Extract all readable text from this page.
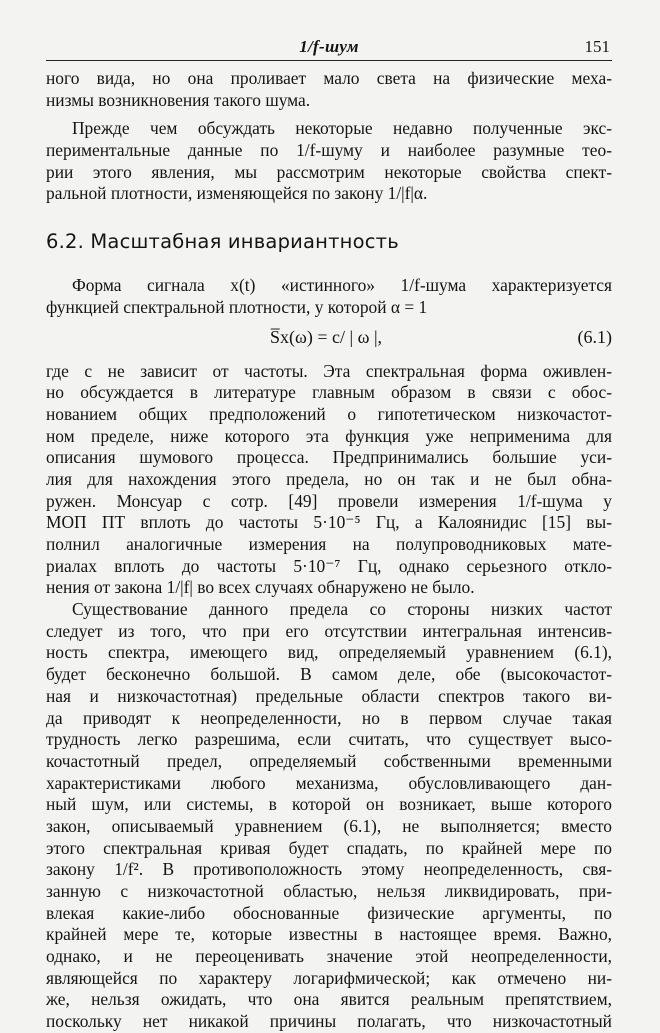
1/f-шум	151
ного вида, но она проливает мало света на физические меха-
низмы возникновения такого шума.
Прежде чем обсуждать некоторые недавно полученные экс-
периментальные данные по 1/f-шуму и наиболее разумные тео-
рии этого явления, мы рассмотрим некоторые свойства спект-
ральной плотности, изменяющейся по закону 1/|f|α.
6.2. Масштабная инвариантность
Форма сигнала x(t) «истинного» 1/f-шума характеризуется
функцией спектральной плотности, у которой α = 1
S̅x(ω) = c/ | ω |,	(6.1)
где c не зависит от частоты. Эта спектральная форма оживлен-
но обсуждается в литературе главным образом в связи с обос-
нованием общих предположений о гипотетическом низкочастот-
ном пределе, ниже которого эта функция уже неприменима для
описания шумового процесса. Предпринимались большие уси-
лия для нахождения этого предела, но он так и не был обна-
ружен. Монсуар с сотр. [49] провели измерения 1/f-шума у
МОП ПТ вплоть до частоты 5·10⁻⁵ Гц, а Калоянидис [15] вы-
полнил аналогичные измерения на полупроводниковых мате-
риалах вплоть до частоты 5·10⁻⁷ Гц, однако серьезного откло-
нения от закона 1/|f| во всех случаях обнаружено не было.
Существование данного предела со стороны низких частот
следует из того, что при его отсутствии интегральная интенсив-
ность спектра, имеющего вид, определяемый уравнением (6.1),
будет бесконечно большой. В самом деле, обе (высокочастот-
ная и низкочастотная) предельные области спектров такого ви-
да приводят к неопределенности, но в первом случае такая
трудность легко разрешима, если считать, что существует высо-
кочастотный предел, определяемый собственными временными
характеристиками любого механизма, обусловливающего дан-
ный шум, или системы, в которой он возникает, выше которого
закон, описываемый уравнением (6.1), не выполняется; вместо
этого спектральная кривая будет спадать, по крайней мере по
закону 1/f². В противоположность этому неопределенность, свя-
занную с низкочастотной областью, нельзя ликвидировать, при-
влекая какие-либо обоснованные физические аргументы, по
крайней мере те, которые известны в настоящее время. Важно,
однако, и не переоценивать значение этой неопределенности,
являющейся по характеру логарифмической; как отмечено ни-
же, нельзя ожидать, что она явится реальным препятствием,
поскольку нет никакой причины полагать, что низкочастотный
